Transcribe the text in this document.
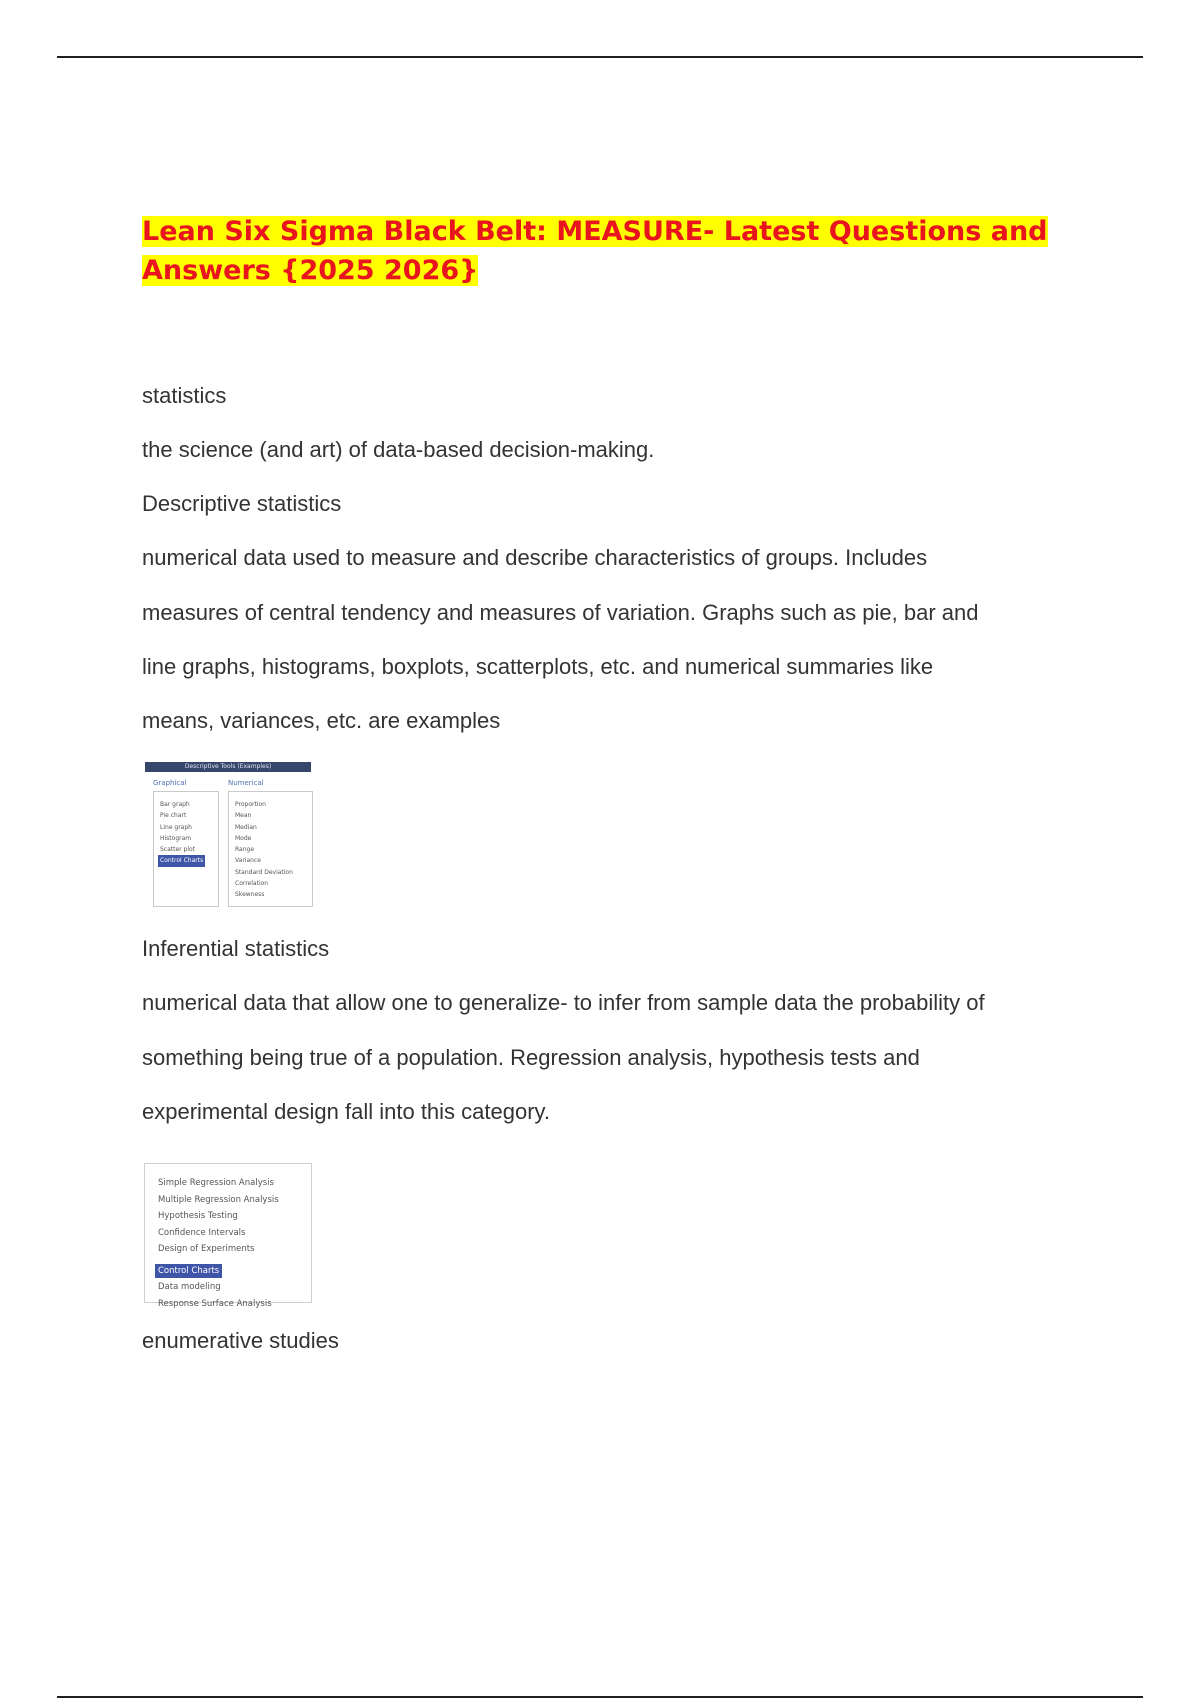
Lean Six Sigma Black Belt: MEASURE- Latest Questions and Answers {2025 2026}
statistics
the science (and art) of data-based decision-making.
Descriptive statistics
numerical data used to measure and describe characteristics of groups. Includes
measures of central tendency and measures of variation. Graphs such as pie, bar and
line graphs, histograms, boxplots, scatterplots, etc. and numerical summaries like
means, variances, etc. are examples
Descriptive Tools (Examples)
Graphical	Numerical
Bar graph
Pie chart
Line graph
Histogram
Scatter plot
Control Charts
Proportion
Mean
Median
Mode
Range
Variance
Standard Deviation
Correlation
Skewness
Inferential statistics
numerical data that allow one to generalize- to infer from sample data the probability of
something being true of a population. Regression analysis, hypothesis tests and
experimental design fall into this category.
Simple Regression Analysis
Multiple Regression Analysis
Hypothesis Testing
Confidence Intervals
Design of Experiments
Control Charts
Data modeling
Response Surface Analysis
enumerative studies
